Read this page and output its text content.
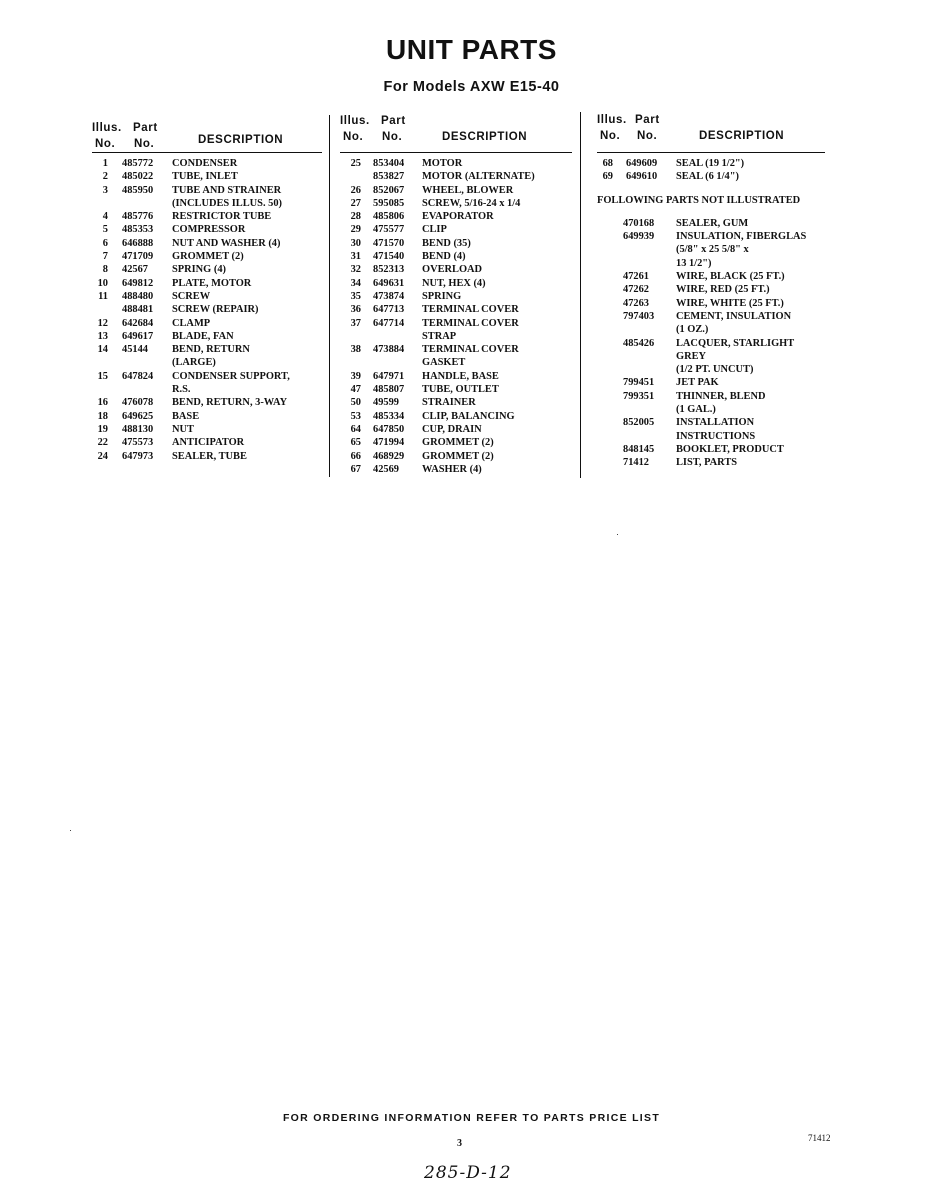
UNIT PARTS
For Models AXW E15-40
Illus. Part
No. No.	DESCRIPTION
1 485772 CONDENSER
2 485022 TUBE, INLET
3 485950 TUBE AND STRAINER
(INCLUDES ILLUS. 50)
4 485776 RESTRICTOR TUBE
5 485353 COMPRESSOR
6 646888 NUT AND WASHER (4)
7 471709 GROMMET (2)
8 42567 SPRING (4)
10 649812 PLATE, MOTOR
11 488480 SCREW
488481 SCREW (REPAIR)
12 642684 CLAMP
13 649617 BLADE, FAN
14 45144 BEND, RETURN
(LARGE)
15 647824 CONDENSER SUPPORT,
R.S.
16 476078 BEND, RETURN, 3-WAY
18 649625 BASE
19 488130 NUT
22 475573 ANTICIPATOR
24 647973 SEALER, TUBE
Illus. Part
No. No.	DESCRIPTION
25 853404 MOTOR
853827 MOTOR (ALTERNATE)
26 852067 WHEEL, BLOWER
27 595085 SCREW, 5/16-24 x 1/4
28 485806 EVAPORATOR
29 475577 CLIP
30 471570 BEND (35)
31 471540 BEND (4)
32 852313 OVERLOAD
34 649631 NUT, HEX (4)
35 473874 SPRING
36 647713 TERMINAL COVER
37 647714 TERMINAL COVER
STRAP
38 473884 TERMINAL COVER
GASKET
39 647971 HANDLE, BASE
47 485807 TUBE, OUTLET
50 49599 STRAINER
53 485334 CLIP, BALANCING
64 647850 CUP, DRAIN
65 471994 GROMMET (2)
66 468929 GROMMET (2)
67 42569 WASHER (4)
Illus. Part
No. No.	DESCRIPTION
68 649609 SEAL (19 1/2")
69 649610 SEAL (6 1/4")
FOLLOWING PARTS NOT ILLUSTRATED
470168 SEALER, GUM
649939 INSULATION, FIBERGLAS
(5/8" x 25 5/8" x
13 1/2")
47261	WIRE, BLACK (25 FT.)
47262	WIRE, RED (25 FT.)
47263	WIRE, WHITE (25 FT.)
797403 CEMENT, INSULATION
(1 OZ.)
485426 LACQUER, STARLIGHT
GREY
(1/2 PT. UNCUT)
799451 JET PAK
799351 THINNER, BLEND
(1 GAL.)
852005 INSTALLATION
INSTRUCTIONS
848145 BOOKLET, PRODUCT
71412	LIST, PARTS
FOR ORDERING INFORMATION REFER TO PARTS PRICE LIST
3	71412
285-D-12
